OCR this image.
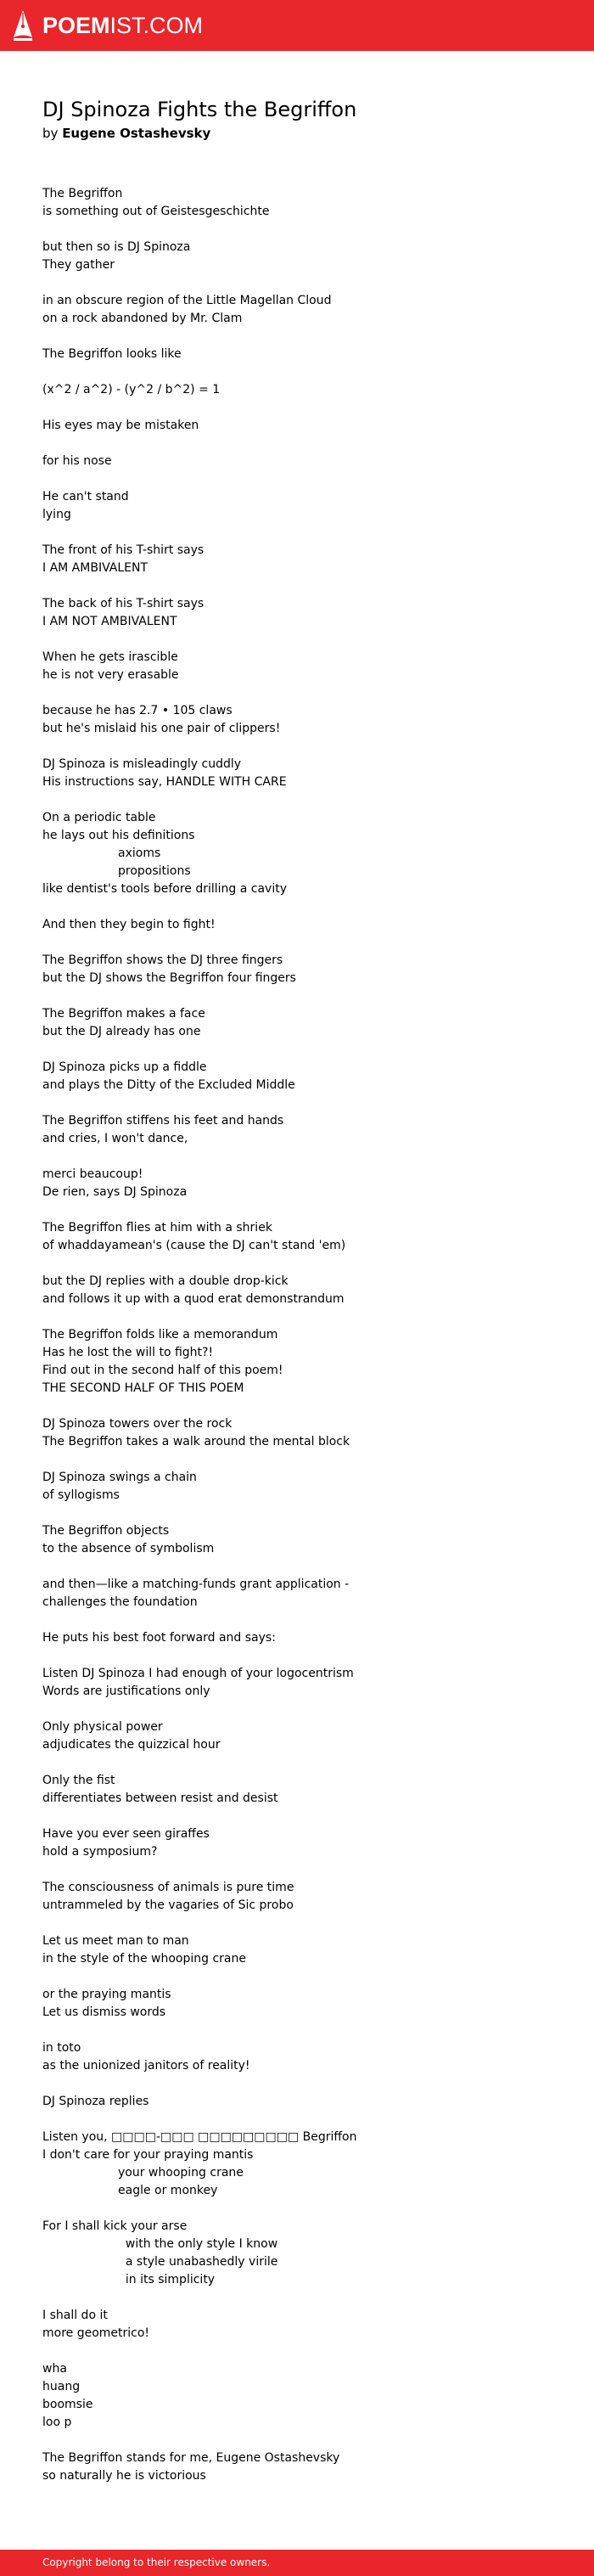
POEMIST.COM
DJ Spinoza Fights the Begriffon
by Eugene Ostashevsky
The Begriffon
is something out of Geistesgeschichte
but then so is DJ Spinoza
They gather
in an obscure region of the Little Magellan Cloud
on a rock abandoned by Mr. Clam
The Begriffon looks like
(x^2 / a^2) - (y^2 / b^2) = 1
His eyes may be mistaken
for his nose
He can't stand
lying
The front of his T-shirt says
I AM AMBIVALENT
The back of his T-shirt says
I AM NOT AMBIVALENT
When he gets irascible
he is not very erasable
because he has 2.7 • 105 claws
but he's mislaid his one pair of clippers!
DJ Spinoza is misleadingly cuddly
His instructions say, HANDLE WITH CARE
On a periodic table
he lays out his definitions
axioms
propositions
like dentist's tools before drilling a cavity
And then they begin to fight!
The Begriffon shows the DJ three fingers
but the DJ shows the Begriffon four fingers
The Begriffon makes a face
but the DJ already has one
DJ Spinoza picks up a fiddle
and plays the Ditty of the Excluded Middle
The Begriffon stiffens his feet and hands
and cries, I won't dance,
merci beaucoup!
De rien, says DJ Spinoza
The Begriffon flies at him with a shriek
of whaddayamean's (cause the DJ can't stand 'em)
but the DJ replies with a double drop-kick
and follows it up with a quod erat demonstrandum
The Begriffon folds like a memorandum
Has he lost the will to fight?!
Find out in the second half of this poem!
THE SECOND HALF OF THIS POEM
DJ Spinoza towers over the rock
The Begriffon takes a walk around the mental block
DJ Spinoza swings a chain
of syllogisms
The Begriffon objects
to the absence of symbolism
and then—like a matching-funds grant application -
challenges the foundation
He puts his best foot forward and says:
Listen DJ Spinoza I had enough of your logocentrism
Words are justifications only
Only physical power
adjudicates the quizzical hour
Only the fist
differentiates between resist and desist
Have you ever seen giraffes
hold a symposium?
The consciousness of animals is pure time
untrammeled by the vagaries of Sic probo
Let us meet man to man
in the style of the whooping crane
or the praying mantis
Let us dismiss words
in toto
as the unionized janitors of reality!
DJ Spinoza replies
Listen you, □□□□-□□□ □□□□□□□□□ Begriffon
I don't care for your praying mantis
your whooping crane
eagle or monkey
For I shall kick your arse
with the only style I know
a style unabashedly virile
in its simplicity
I shall do it
more geometrico!
wha
huang
boomsie
loo p
The Begriffon stands for me, Eugene Ostashevsky
so naturally he is victorious
Copyright belong to their respective owners.
